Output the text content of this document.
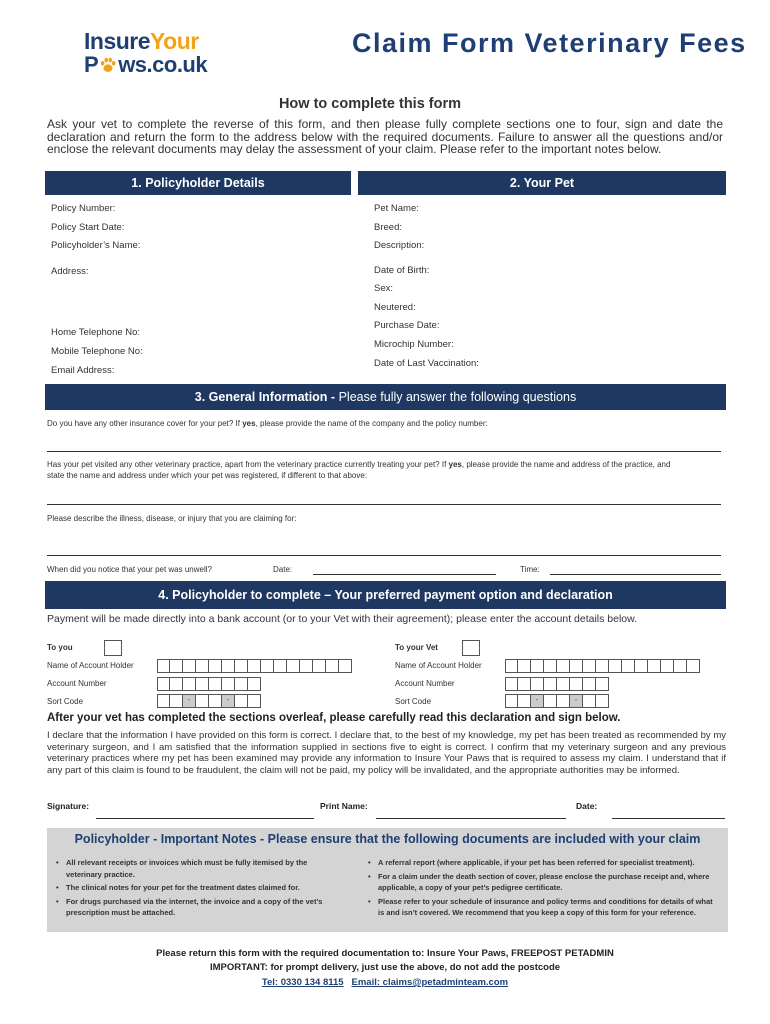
InsureYour
P ws.co.uk
Claim Form Veterinary Fees
How to complete this form
Ask your vet to complete the reverse of this form, and then please fully complete sections one to four, sign and date the declaration and return the form to the address below with the required documents. Failure to answer all the questions and/or enclose the relevant documents may delay the assessment of your claim. Please refer to the important notes below.
1. Policyholder Details	2. Your Pet
Policy Number:
Policy Start Date:
Policyholder’s Name:
Address:
Home Telephone No:
Mobile Telephone No:
Email Address:
Pet Name:
Breed:
Description:
Date of Birth:
Sex:
Neutered:
Purchase Date:
Microchip Number:
Date of Last Vaccination:
3. General Information -
Please fully answer the following questions
Do you have any other insurance cover for your pet? If yes, please provide the name of the company and the policy number:
Has your pet visited any other veterinary practice, apart from the veterinary practice currently treating your pet? If yes, please provide the name and address of the practice, and state the name and address under which your pet was registered, if different to that above:
Please describe the illness, disease, or injury that you are claiming for:
When did you notice that your pet was unwell?	Date:	Time:
4. Policyholder to complete – Your preferred payment option and declaration
Payment will be made directly into a bank account (or to your Vet with their agreement); please enter the account details below.
To you
Name of Account Holder
Account Number
Sort Code	-	-
To your Vet
Name of Account Holder
Account Number
Sort Code	-	-
After your vet has completed the sections overleaf, please carefully read this declaration and sign below.
I declare that the information I have provided on this form is correct. I declare that, to the best of my knowledge, my pet has been treated as recommended by my veterinary surgeon, and I am satisfied that the information supplied in sections five to eight is correct. I confirm that my veterinary surgeon and any previous veterinary practices where my pet has been examined may provide any information to Insure Your Paws that is required to assess my claim. I understand that if any part of this claim is found to be fraudulent, the claim will not be paid, my policy will be invalidated, and the appropriate authorities may be informed.
Signature:	Print Name:	Date:
Policyholder - Important Notes - Please ensure that the following documents are included with your claim
• All relevant receipts or invoices which must be fully itemised by the veterinary practice.
• The clinical notes for your pet for the treatment dates claimed for.
• For drugs purchased via the internet, the invoice and a copy of the vet’s prescription must be attached.
• A referral report (where applicable, if your pet has been referred for specialist treatment).
• For a claim under the death section of cover, please enclose the purchase receipt and, where applicable, a copy of your pet’s pedigree certificate.
• Please refer to your schedule of insurance and policy terms and conditions for details of what is and isn’t covered. We recommend that you keep a copy of this form for your reference.
Please return this form with the required documentation to: Insure Your Paws, FREEPOST PETADMIN
IMPORTANT: for prompt delivery, just use the above, do not add the postcode
Tel: 0330 134 8115 Email: claims@petadminteam.com
